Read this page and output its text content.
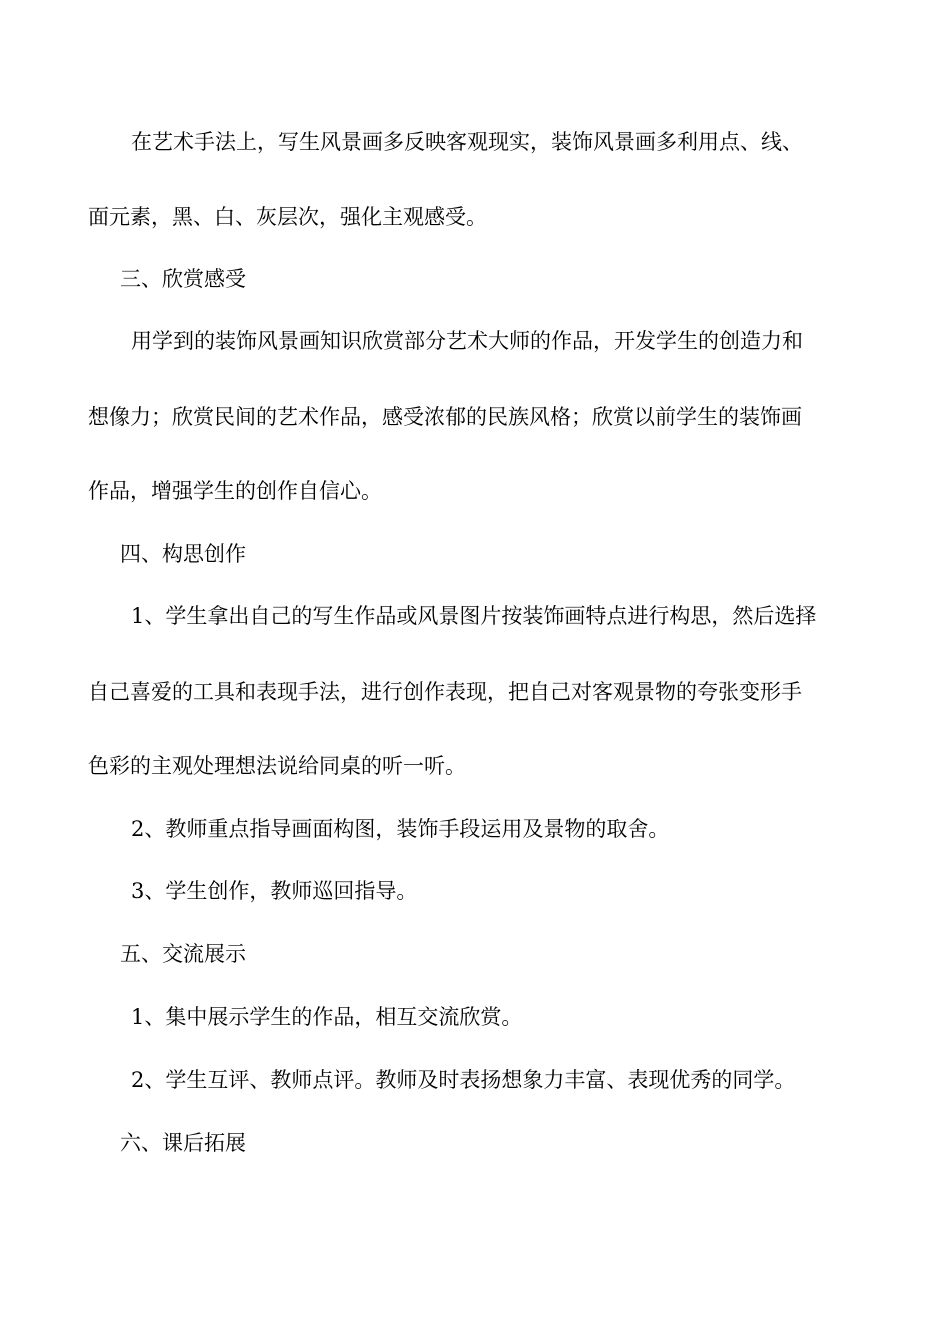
在艺术手法上，写生风景画多反映客观现实，装饰风景画多利用点、线、
面元素，黑、白、灰层次，强化主观感受。
三、欣赏感受
用学到的装饰风景画知识欣赏部分艺术大师的作品，开发学生的创造力和
想像力；欣赏民间的艺术作品，感受浓郁的民族风格；欣赏以前学生的装饰画
作品，增强学生的创作自信心。
四、构思创作
1、学生拿出自己的写生作品或风景图片按装饰画特点进行构思，然后选择
自己喜爱的工具和表现手法，进行创作表现，把自己对客观景物的夸张变形手
色彩的主观处理想法说给同桌的听一听。
2、教师重点指导画面构图，装饰手段运用及景物的取舍。
3、学生创作，教师巡回指导。
五、交流展示
1、集中展示学生的作品，相互交流欣赏。
2、学生互评、教师点评。教师及时表扬想象力丰富、表现优秀的同学。
六、课后拓展
